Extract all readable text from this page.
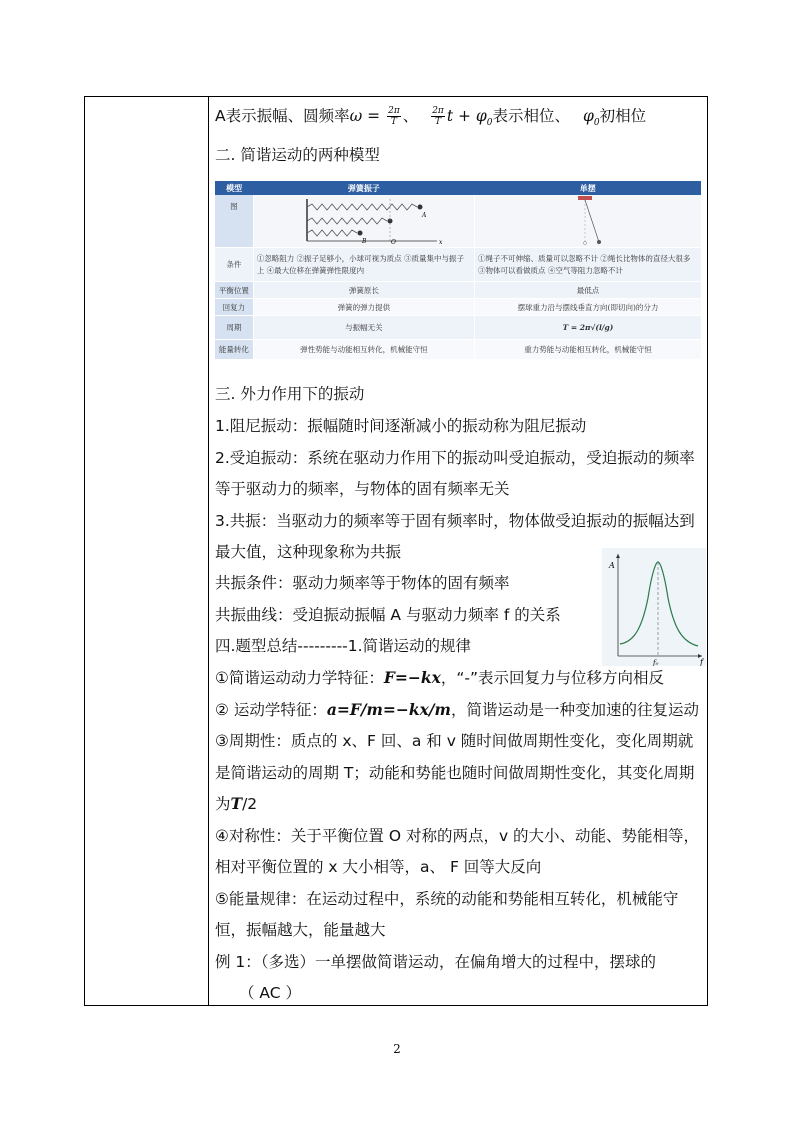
A表示振幅、圆频率$\omega = \frac{2\pi}{T}$ 、 $\frac{2\pi}{T}$ $t + \varphi_0$表示相位、 $\varphi_0$初相位
二. 简谐运动的两种模型
三. 外力作用下的振动
1.阻尼振动：振幅随时间逐渐减小的振动称为阻尼振动
2.受迫振动：系统在驱动力作用下的振动叫受迫振动，受迫振动的频率
等于驱动力的频率，与物体的固有频率无关
3.共振：当驱动力的频率等于固有频率时，物体做受迫振动的振幅达到
最大值，这种现象称为共振
共振条件：驱动力频率等于物体的固有频率
共振曲线：受迫振动振幅 A 与驱动力频率 f 的关系
四.题型总结---------1.简谐运动的规律
①简谐运动动力学特征：F=−kx，“-”表示回复力与位移方向相反
② 运动学特征：a=F/m=−kx/m，简谐运动是一种变加速的往复运动
③周期性：质点的 x、F 回、a 和 v 随时间做周期性变化，变化周期就
是简谐运动的周期 T；动能和势能也随时间做周期性变化，其变化周期
为T/2
④对称性：关于平衡位置 O 对称的两点，v 的大小、动能、势能相等，
相对平衡位置的 x 大小相等，a、 F 回等大反向
⑤能量规律：在运动过程中，系统的动能和势能相互转化，机械能守
恒，振幅越大，能量越大
例 1：（多选）一单摆做简谐运动，在偏角增大的过程中，摆球的
（ AC ）
模型	弹簧振子	单摆
图	A
O
B x

条件	①忽略阻力 ②振子足够小，小球可视为质点 ③质量集中与振子上 ④最大位移在弹簧弹性限度内	①绳子不可伸缩、质量可以忽略不计 ②绳长比物体的直径大很多 ③物体可以看做质点 ④空气等阻力忽略不计
平衡位置	弹簧原长	最低点
回复力	弹簧的弹力提供	摆球重力沿与摆线垂直方向(即切向)的分力
周期	与振幅无关	T = 2π√(l/g)
能量转化	弹性势能与动能相互转化，机械能守恒	重力势能与动能相互转化，机械能守恒
A
f
f₀
2
